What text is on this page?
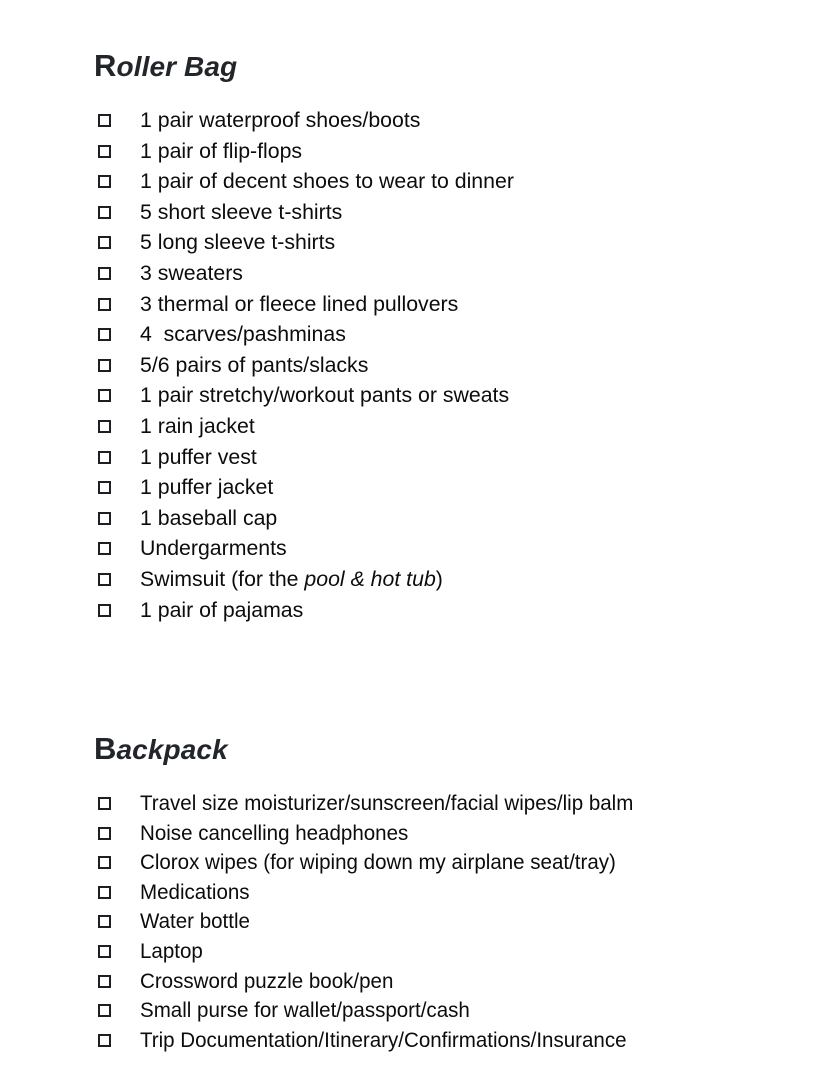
Roller Bag
1 pair waterproof shoes/boots
1 pair of flip-flops
1 pair of decent shoes to wear to dinner
5 short sleeve t-shirts
5 long sleeve t-shirts
3 sweaters
3 thermal or fleece lined pullovers
4  scarves/pashminas
5/6 pairs of pants/slacks
1 pair stretchy/workout pants or sweats
1 rain jacket
1 puffer vest
1 puffer jacket
1 baseball cap
Undergarments
Swimsuit (for the pool & hot tub)
1 pair of pajamas
Backpack
Travel size moisturizer/sunscreen/facial wipes/lip balm
Noise cancelling headphones
Clorox wipes (for wiping down my airplane seat/tray)
Medications
Water bottle
Laptop
Crossword puzzle book/pen
Small purse for wallet/passport/cash
Trip Documentation/Itinerary/Confirmations/Insurance
